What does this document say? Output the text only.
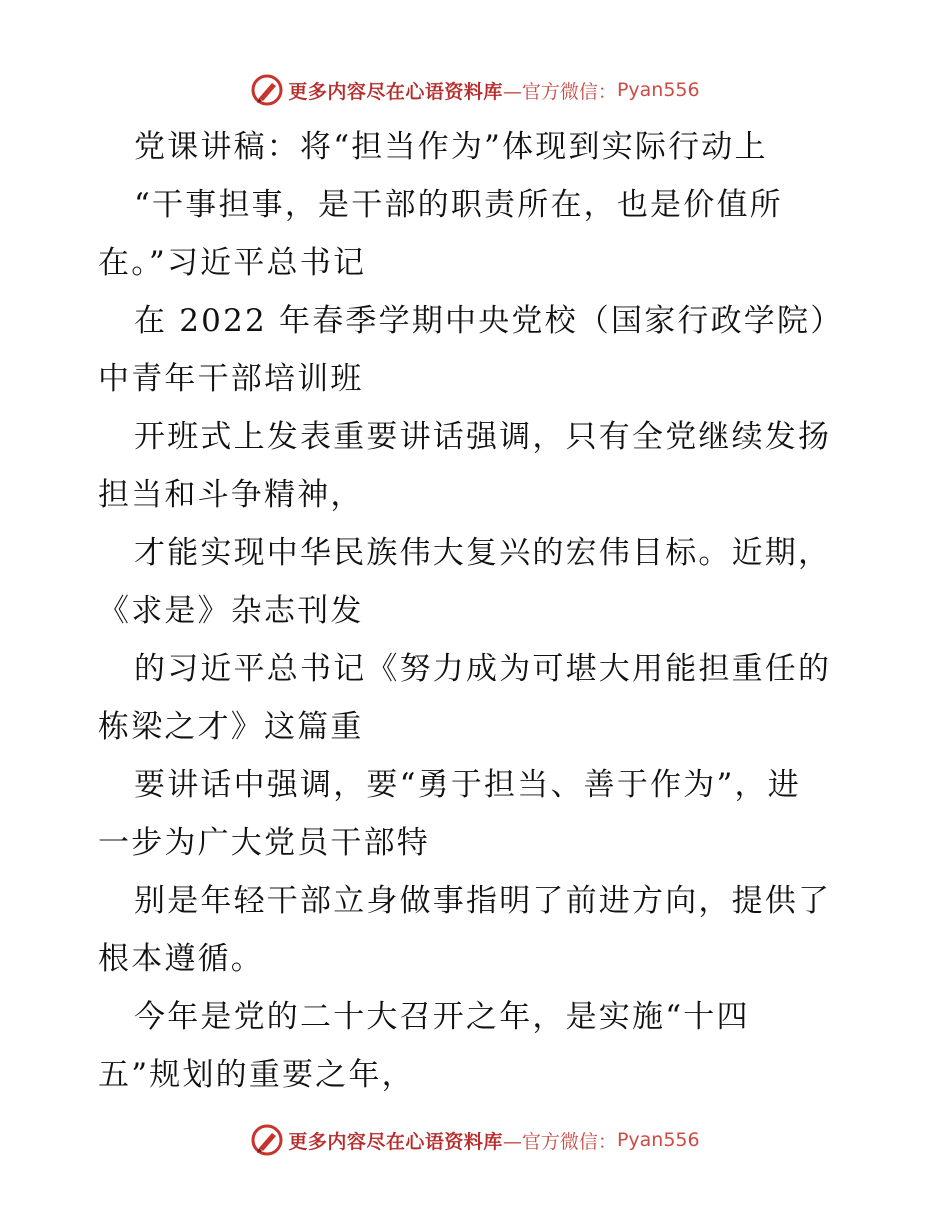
更多内容尽在心语资料库 —官方微信： Pyan556

党课讲稿：将“担当作为”体现到实际行动上

“干事担事，是干部的职责所在，也是价值所

在。”习近平总书记

在 2022 年春季学期中央党校（国家行政学院）

中青年干部培训班

开班式上发表重要讲话强调，只有全党继续发扬

担当和斗争精神，

才能实现中华民族伟大复兴的宏伟目标。近期，

《求是》杂志刊发

的习近平总书记《努力成为可堪大用能担重任的

栋梁之才》这篇重

要讲话中强调，要“勇于担当、善于作为”，进

一步为广大党员干部特

别是年轻干部立身做事指明了前进方向，提供了

根本遵循。

今年是党的二十大召开之年，是实施“十四

五”规划的重要之年，

更多内容尽在心语资料库 —官方微信： Pyan556
